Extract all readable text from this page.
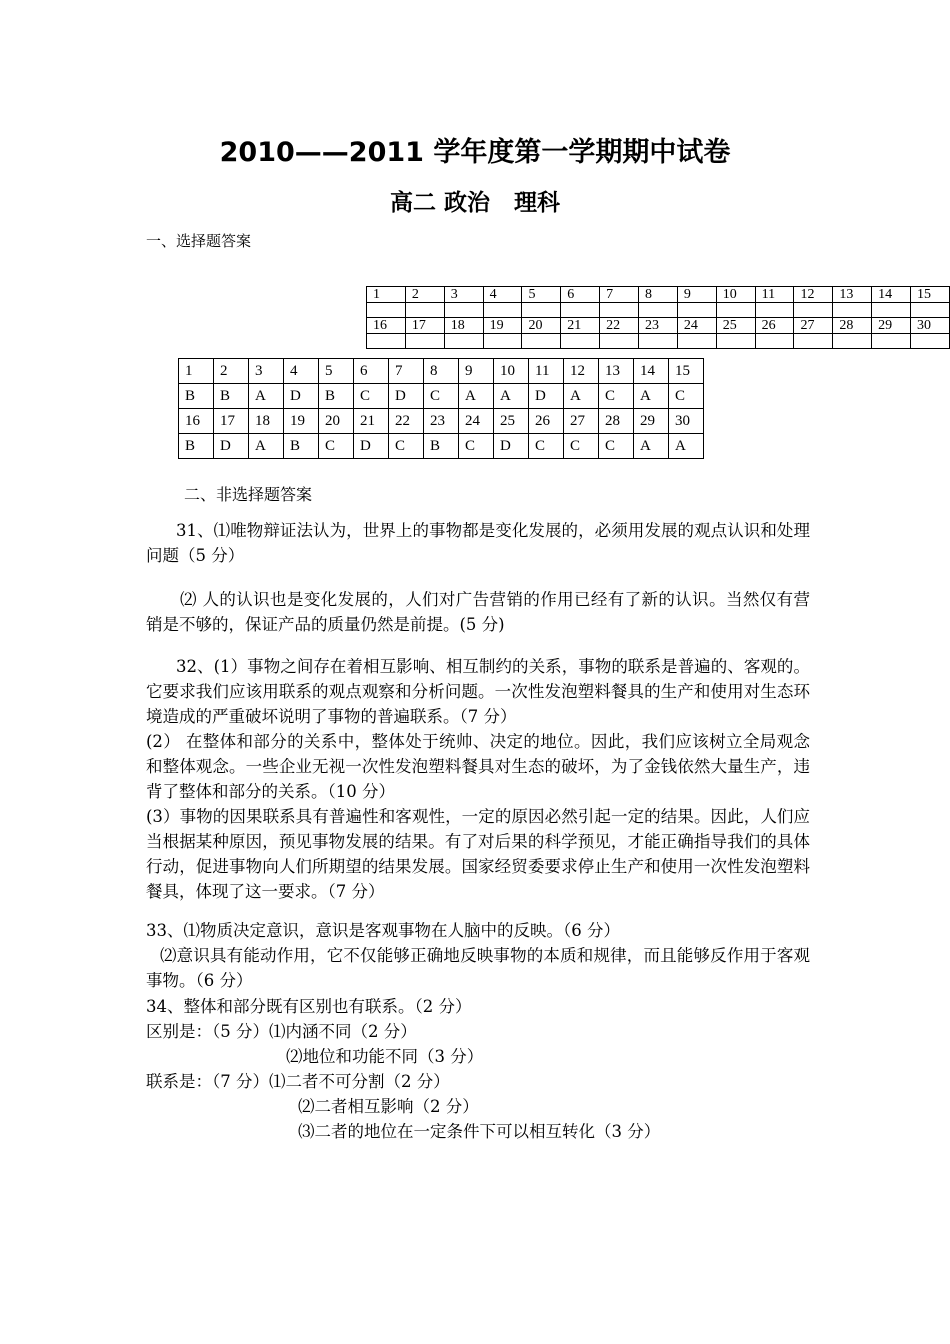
2010——2011 学年度第一学期期中试卷
高二 政治   理科
一、选择题答案
1	2	3	4	5	6	7	8	9	10	11	12	13	14	15

16	17	18	19	20	21	22	23	24	25	26	27	28	29	30

1	2	3	4	5	6	7	8	9	10	11	12	13	14	15
B	B	A	D	B	C	D	C	A	A	D	A	C	A	C
16	17	18	19	20	21	22	23	24	25	26	27	28	29	30
B	D	A	B	C	D	C	B	C	D	C	C	C	A	A
二、非选择题答案
31、⑴唯物辩证法认为，世界上的事物都是变化发展的，必须用发展的观点认识和处理问题（5 分）
⑵ 人的认识也是变化发展的，人们对广告营销的作用已经有了新的认识。当然仅有营销是不够的，保证产品的质量仍然是前提。(5 分)
32、(1）事物之间存在着相互影响、相互制约的关系，事物的联系是普遍的、客观的。它要求我们应该用联系的观点观察和分析问题。一次性发泡塑料餐具的生产和使用对生态环境造成的严重破坏说明了事物的普遍联系。（7 分）
(2） 在整体和部分的关系中，整体处于统帅、决定的地位。因此，我们应该树立全局观念和整体观念。一些企业无视一次性发泡塑料餐具对生态的破坏，为了金钱依然大量生产，违背了整体和部分的关系。（10 分）
(3）事物的因果联系具有普遍性和客观性，一定的原因必然引起一定的结果。因此，人们应当根据某种原因，预见事物发展的结果。有了对后果的科学预见，才能正确指导我们的具体行动，促进事物向人们所期望的结果发展。国家经贸委要求停止生产和使用一次性发泡塑料餐具，体现了这一要求。（7 分）
33、⑴物质决定意识，意识是客观事物在人脑中的反映。（6 分）
⑵意识具有能动作用，它不仅能够正确地反映事物的本质和规律，而且能够反作用于客观事物。（6 分）
34、整体和部分既有区别也有联系。（2 分）
区别是：（5 分）⑴内涵不同（2 分）
⑵地位和功能不同（3 分）
联系是：（7 分）⑴二者不可分割（2 分）
⑵二者相互影响（2 分）
⑶二者的地位在一定条件下可以相互转化（3 分）
